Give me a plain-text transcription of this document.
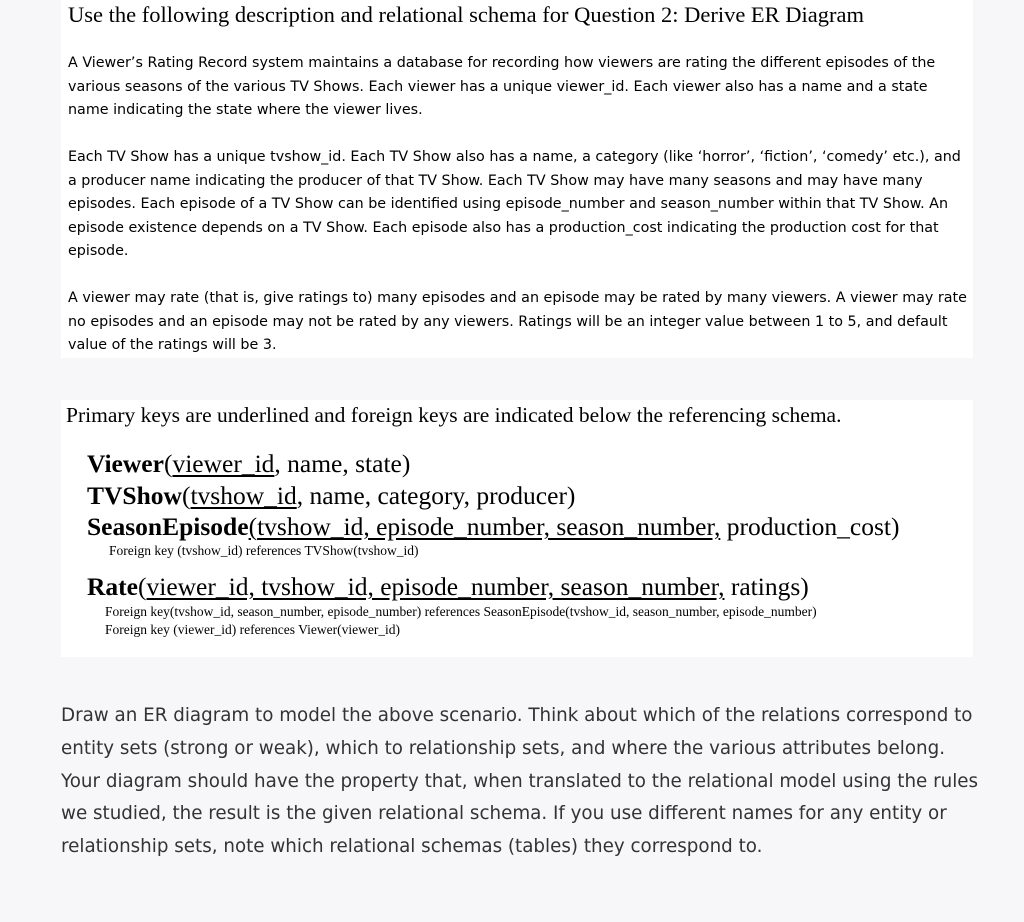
Use the following description and relational schema for Question 2: Derive ER Diagram
A Viewer’s Rating Record system maintains a database for recording how viewers are rating the different episodes of the various seasons of the various TV Shows. Each viewer has a unique viewer_id. Each viewer also has a name and a state name indicating the state where the viewer lives.
Each TV Show has a unique tvshow_id. Each TV Show also has a name, a category (like ‘horror’, ‘fiction’, ‘comedy’ etc.), and a producer name indicating the producer of that TV Show. Each TV Show may have many seasons and may have many episodes. Each episode of a TV Show can be identified using episode_number and season_number within that TV Show. An episode existence depends on a TV Show. Each episode also has a production_cost indicating the production cost for that episode.
A viewer may rate (that is, give ratings to) many episodes and an episode may be rated by many viewers. A viewer may rate no episodes and an episode may not be rated by any viewers. Ratings will be an integer value between 1 to 5, and default value of the ratings will be 3.
Primary keys are underlined and foreign keys are indicated below the referencing schema.
Viewer(viewer_id, name, state)
TVShow(tvshow_id, name, category, producer)
SeasonEpisode(tvshow_id, episode_number, season_number, production_cost)
Foreign key (tvshow_id) references TVShow(tvshow_id)
Rate(viewer_id, tvshow_id, episode_number, season_number, ratings)
Foreign key(tvshow_id, season_number, episode_number) references SeasonEpisode(tvshow_id, season_number, episode_number)
Foreign key (viewer_id) references Viewer(viewer_id)
Draw an ER diagram to model the above scenario. Think about which of the relations correspond to entity sets (strong or weak), which to relationship sets, and where the various attributes belong. Your diagram should have the property that, when translated to the relational model using the rules we studied, the result is the given relational schema. If you use different names for any entity or relationship sets, note which relational schemas (tables) they correspond to.
